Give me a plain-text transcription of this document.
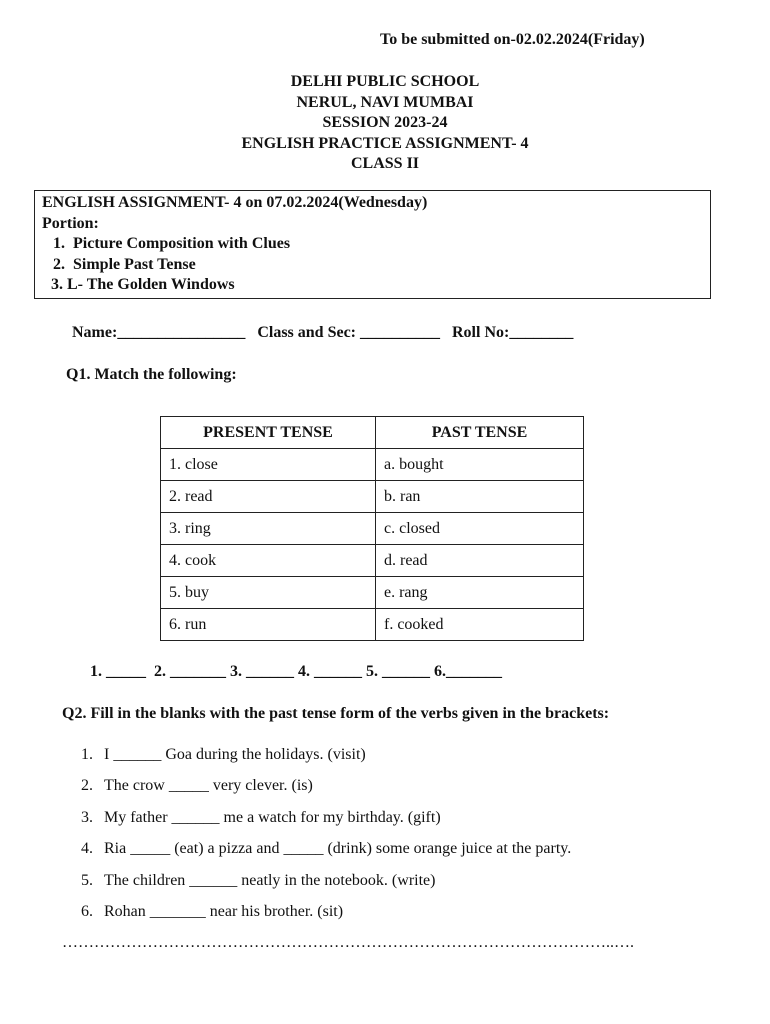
To be submitted on-02.02.2024(Friday)
DELHI PUBLIC SCHOOL
NERUL, NAVI MUMBAI
SESSION 2023-24
ENGLISH PRACTICE ASSIGNMENT- 4
CLASS II
ENGLISH ASSIGNMENT- 4 on 07.02.2024(Wednesday)
Portion:
1. Picture Composition with Clues
2. Simple Past Tense
3. L- The Golden Windows
Name:________________ Class and Sec: __________ Roll No:________
Q1. Match the following:
PRESENT TENSE	PAST TENSE
1. close	a. bought
2. read	b. ran
3. ring	c. closed
4. cook	d. read
5. buy	e. rang
6. run	f. cooked
1. _____  2. _______ 3. ______ 4. ______ 5. ______ 6._______
Q2. Fill in the blanks with the past tense form of the verbs given in the brackets:
1. I ______ Goa during the holidays. (visit)
2. The crow _____ very clever. (is)
3. My father ______ me a watch for my birthday. (gift)
4. Ria _____ (eat) a pizza and _____ (drink) some orange juice at the party.
5. The children ______ neatly in the notebook. (write)
6. Rohan _______ near his brother. (sit)
…………………………………………………………………………………………..….
